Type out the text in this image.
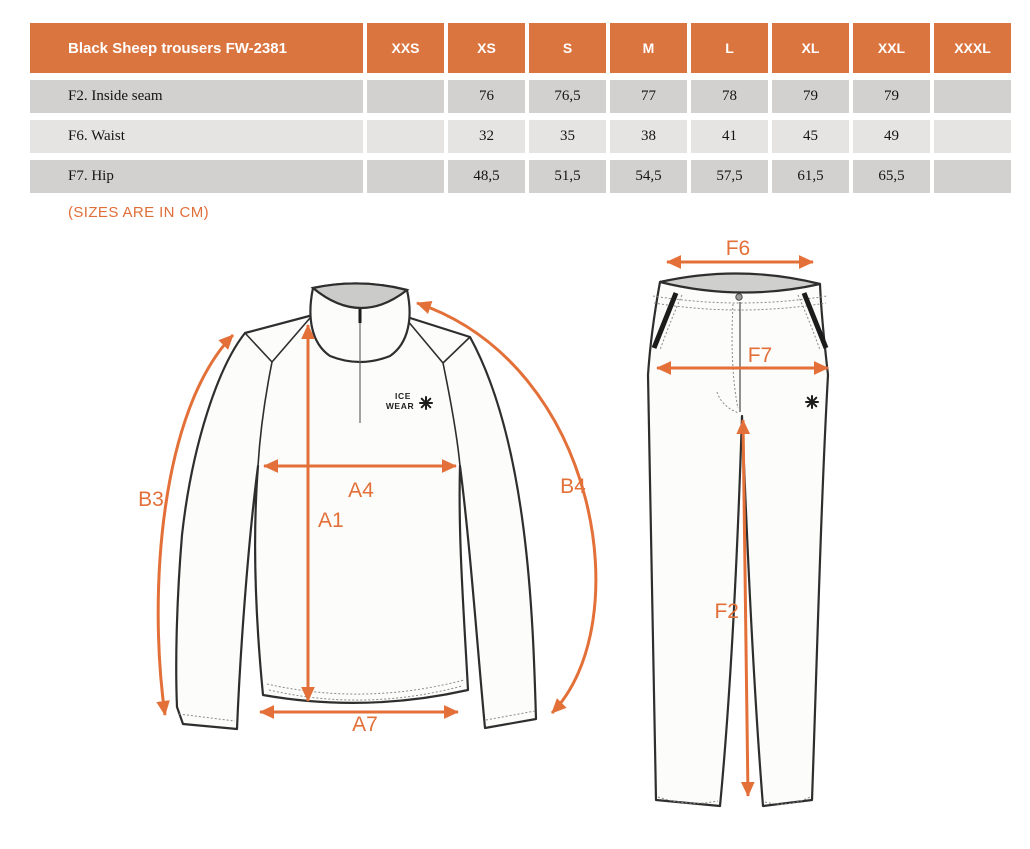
Black Sheep trousers FW-2381	XXS	XS	S	M	L	XL	XXL	XXXL
F2. Inside seam		76	76,5	77	78	79	79	
F6. Waist		32	35	38	41	45	49	
F7. Hip		48,5	51,5	54,5	57,5	61,5	65,5	
(SIZES ARE IN CM)
ICE
WEAR
B3
B4
A4
A1
A7
F6
F7
F2
